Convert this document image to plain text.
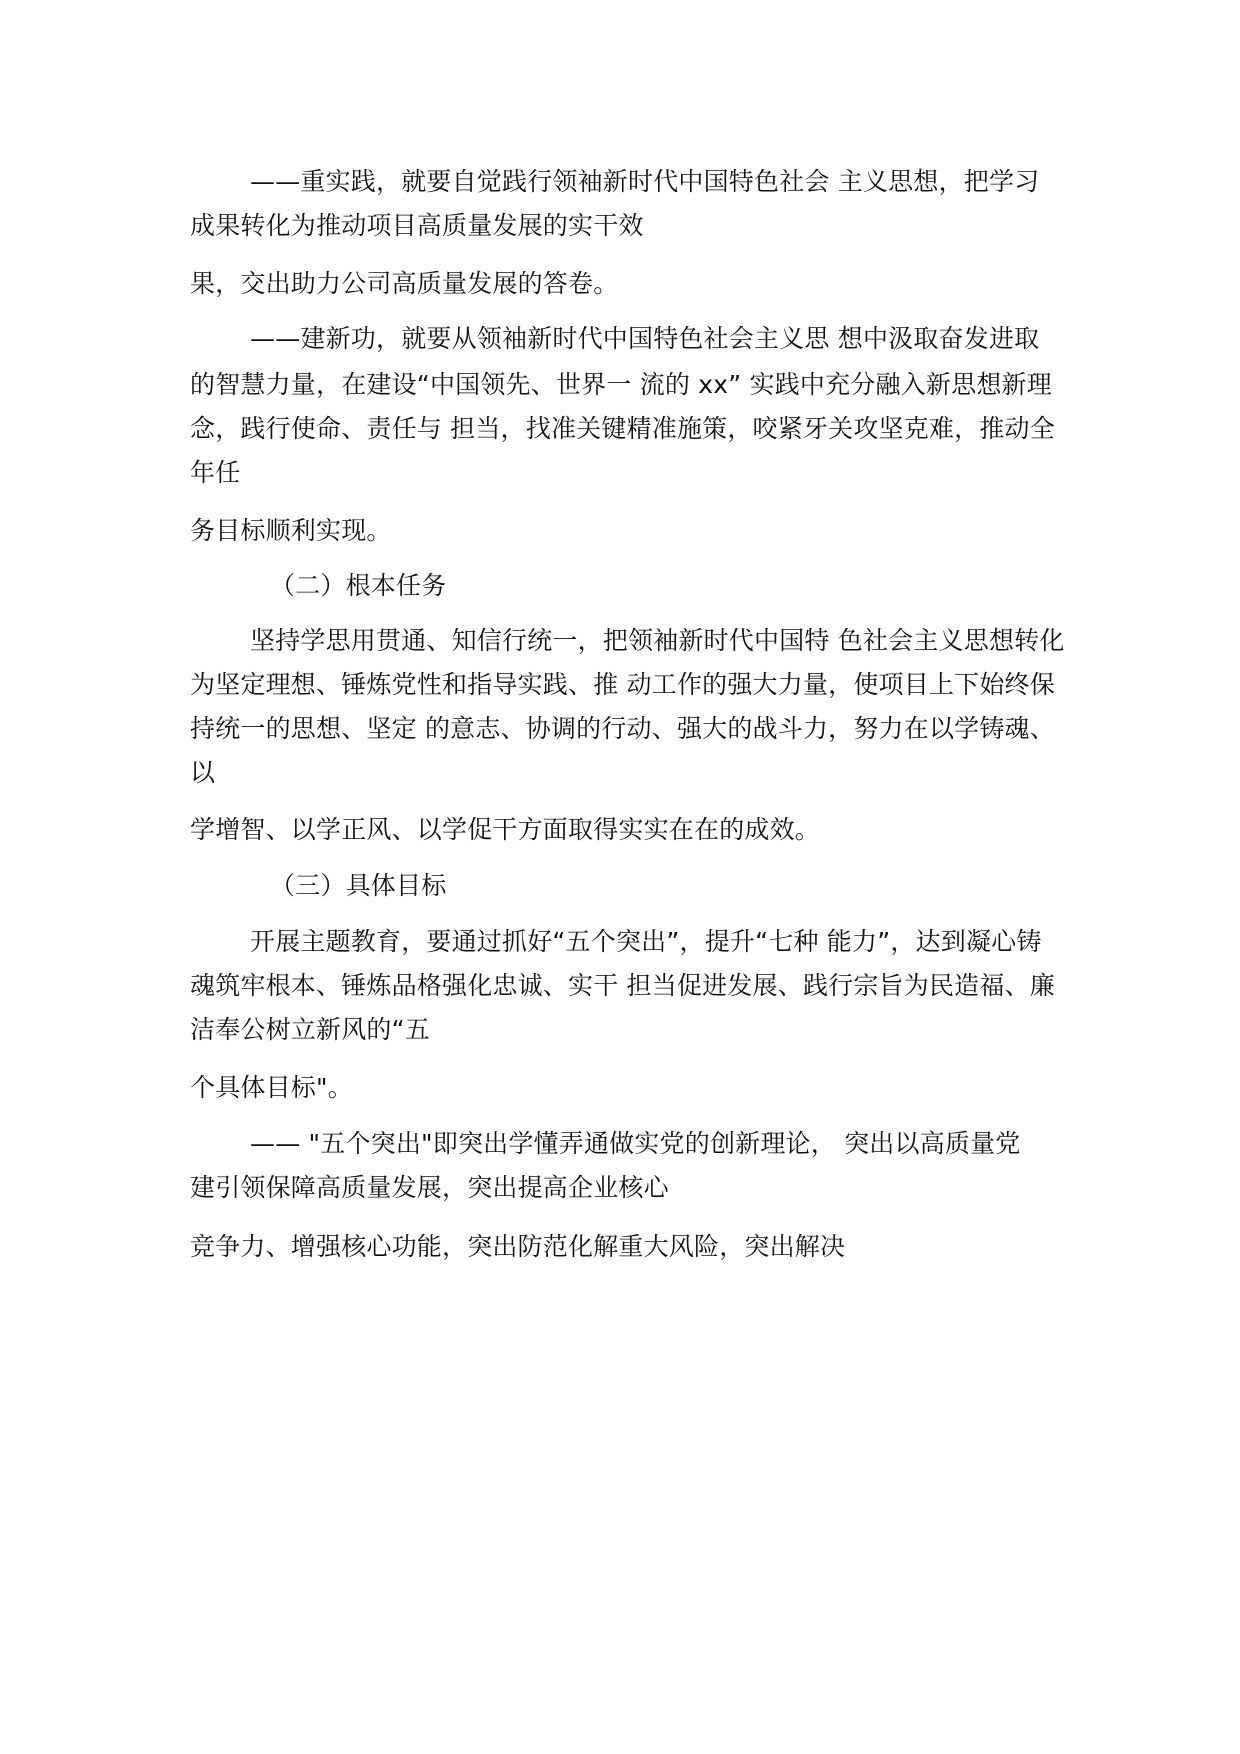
——重实践，就要自觉践行领袖新时代中国特色社会 主义思想，把学习

成果转化为推动项目高质量发展的实干效

果，交出助力公司高质量发展的答卷。

——建新功，就要从领袖新时代中国特色社会主义思 想中汲取奋发进取

的智慧力量，在建设“中国领先、世界一 流的 xx” 实践中充分融入新思想新理

念，践行使命、责任与 担当，找准关键精准施策，咬紧牙关攻坚克难，推动全

年任

务目标顺利实现。

（二）根本任务

坚持学思用贯通、知信行统一，把领袖新时代中国特 色社会主义思想转化

为坚定理想、锤炼党性和指导实践、推 动工作的强大力量，使项目上下始终保

持统一的思想、坚定 的意志、协调的行动、强大的战斗力，努力在以学铸魂、

以

学增智、以学正风、以学促干方面取得实实在在的成效。

（三）具体目标

开展主题教育，要通过抓好“五个突出”，提升“七种 能力”，达到凝心铸

魂筑牢根本、锤炼品格强化忠诚、实干 担当促进发展、践行宗旨为民造福、廉

洁奉公树立新风的“五

个具体目标"。

—— "五个突出"即突出学懂弄通做实党的创新理论， 突出以高质量党

建引领保障高质量发展，突出提高企业核心

竞争力、增强核心功能，突出防范化解重大风险，突出解决
